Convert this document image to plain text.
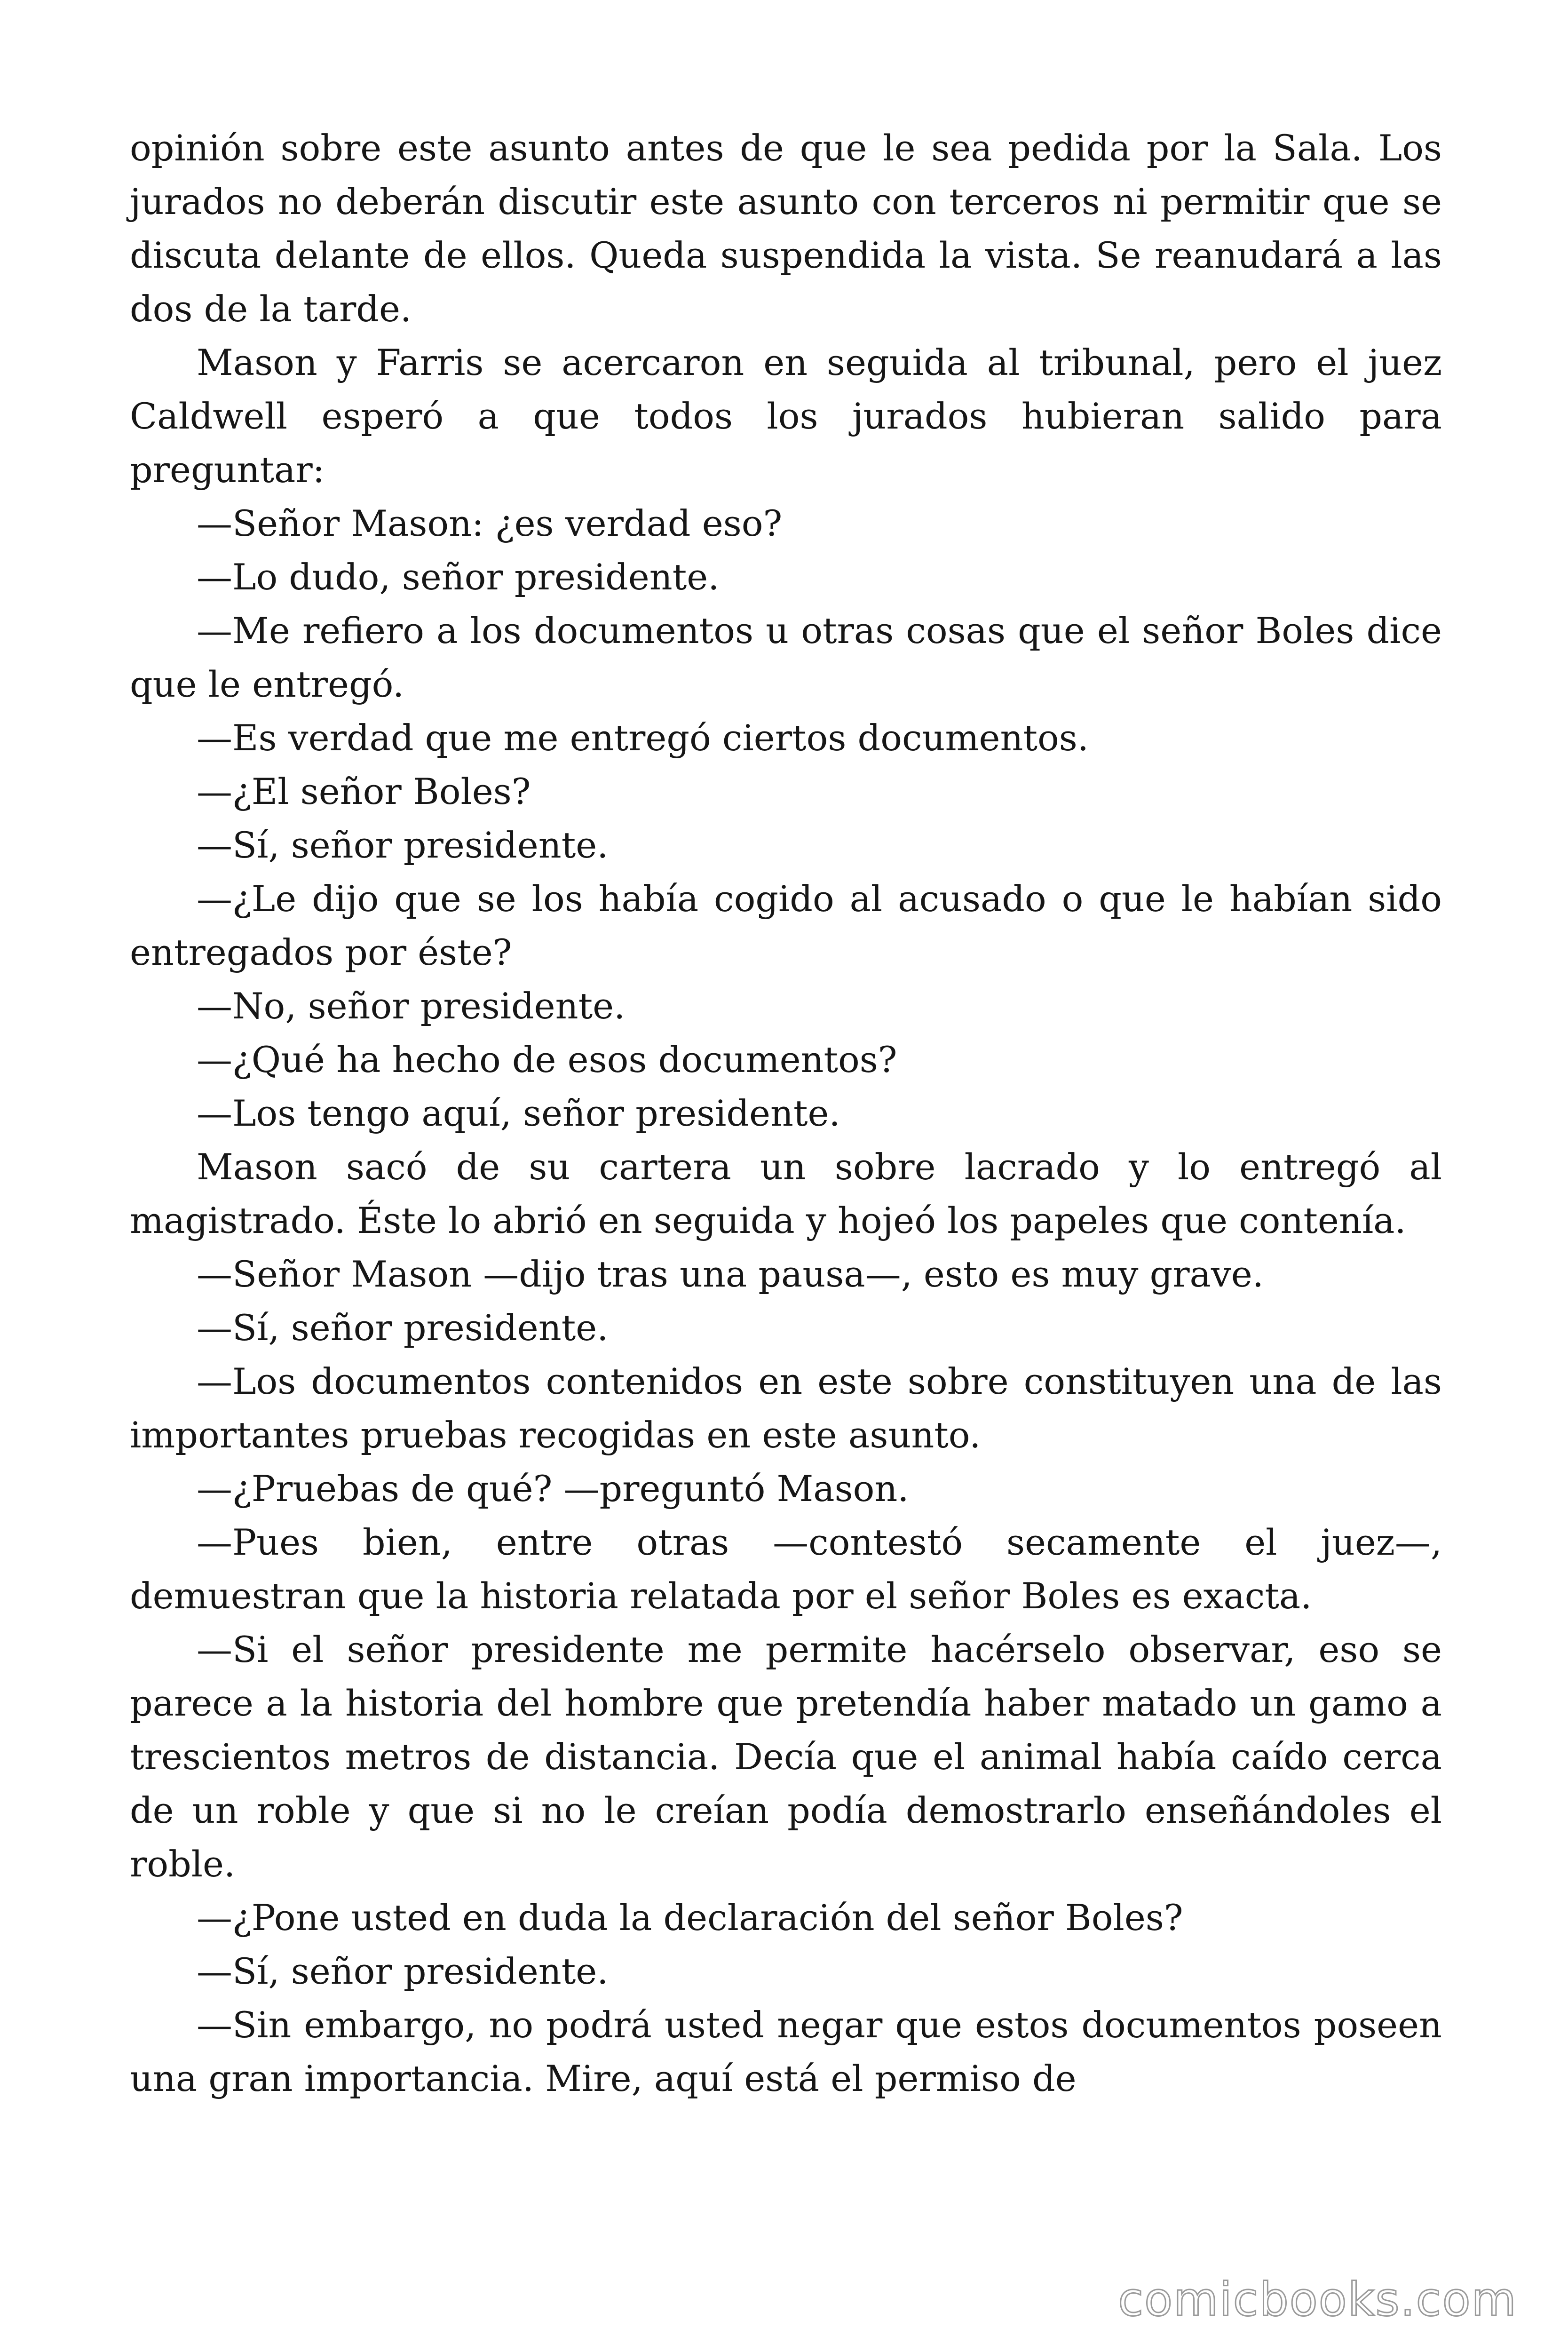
opinión sobre este asunto antes de que le sea pedida por la Sala. Los jurados no deberán discutir este asunto con terceros ni permitir que se discuta delante de ellos. Queda suspendida la vista. Se reanudará a las dos de la tarde.

Mason y Farris se acercaron en seguida al tribunal, pero el juez Caldwell esperó a que todos los jurados hubieran salido para preguntar:

—Señor Mason: ¿es verdad eso?

—Lo dudo, señor presidente.

—Me refiero a los documentos u otras cosas que el señor Boles dice que le entregó.

—Es verdad que me entregó ciertos documentos.

—¿El señor Boles?

—Sí, señor presidente.

—¿Le dijo que se los había cogido al acusado o que le habían sido entregados por éste?

—No, señor presidente.

—¿Qué ha hecho de esos documentos?

—Los tengo aquí, señor presidente.

Mason sacó de su cartera un sobre lacrado y lo entregó al magistrado. Éste lo abrió en seguida y hojeó los papeles que contenía.

—Señor Mason —dijo tras una pausa—, esto es muy grave.

—Sí, señor presidente.

—Los documentos contenidos en este sobre constituyen una de las importantes pruebas recogidas en este asunto.

—¿Pruebas de qué? —preguntó Mason.

—Pues bien, entre otras —contestó secamente el juez—, demuestran que la historia relatada por el señor Boles es exacta.

—Si el señor presidente me permite hacérselo observar, eso se parece a la historia del hombre que pretendía haber matado un gamo a trescientos metros de distancia. Decía que el animal había caído cerca de un roble y que si no le creían podía demostrarlo enseñándoles el roble.

—¿Pone usted en duda la declaración del señor Boles?

—Sí, señor presidente.

—Sin embargo, no podrá usted negar que estos documentos poseen una gran importancia. Mire, aquí está el permiso de

comicbooks.com
